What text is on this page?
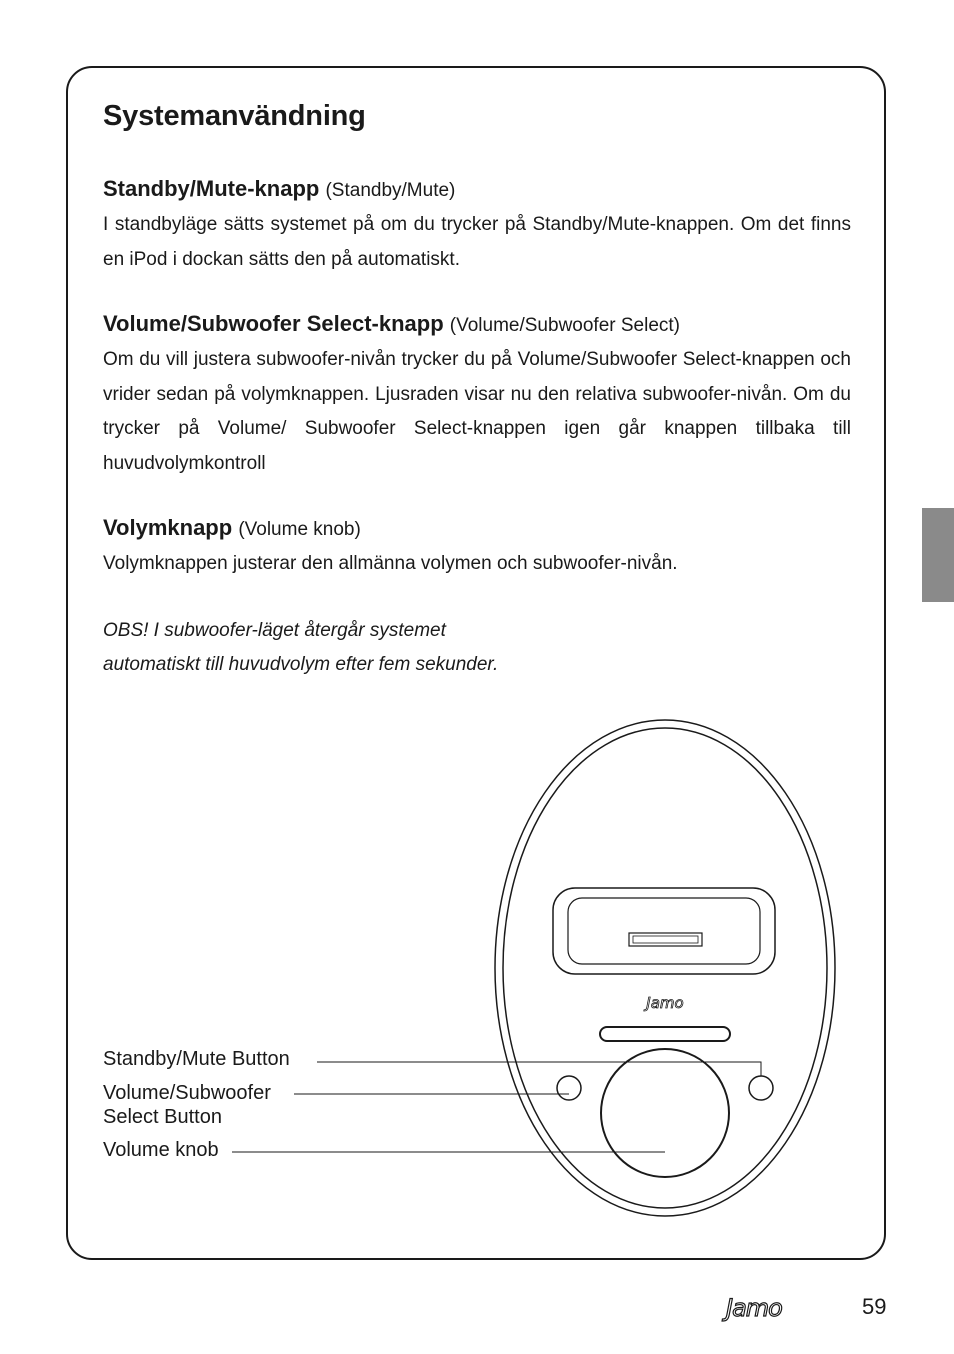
Systemanvändning
Standby/Mute-knapp (Standby/Mute)

I standbyläge sätts systemet på om du trycker på Standby/Mute-knappen. Om det finns en iPod i dockan sätts den på automatiskt.

Volume/Subwoofer Select-knapp (Volume/Subwoofer Select)

Om du vill justera subwoofer-nivån trycker du på Volume/Subwoofer Select-knappen och vrider sedan på volymknappen. Ljusraden visar nu den relativa subwoofer-nivån. Om du trycker på Volume/ Subwoofer Select-knappen igen går knappen tillbaka till huvudvolymkontroll

Volymknapp (Volume knob)

Volymknappen justerar den allmänna volymen och subwoofer-nivån.

OBS! I subwoofer-läget återgår systemet

automatiskt till huvudvolym efter fem sekunder.

Jamo
Standby/Mute Button
Volume/Subwoofer
Select Button
Volume knob
Jamo	59
